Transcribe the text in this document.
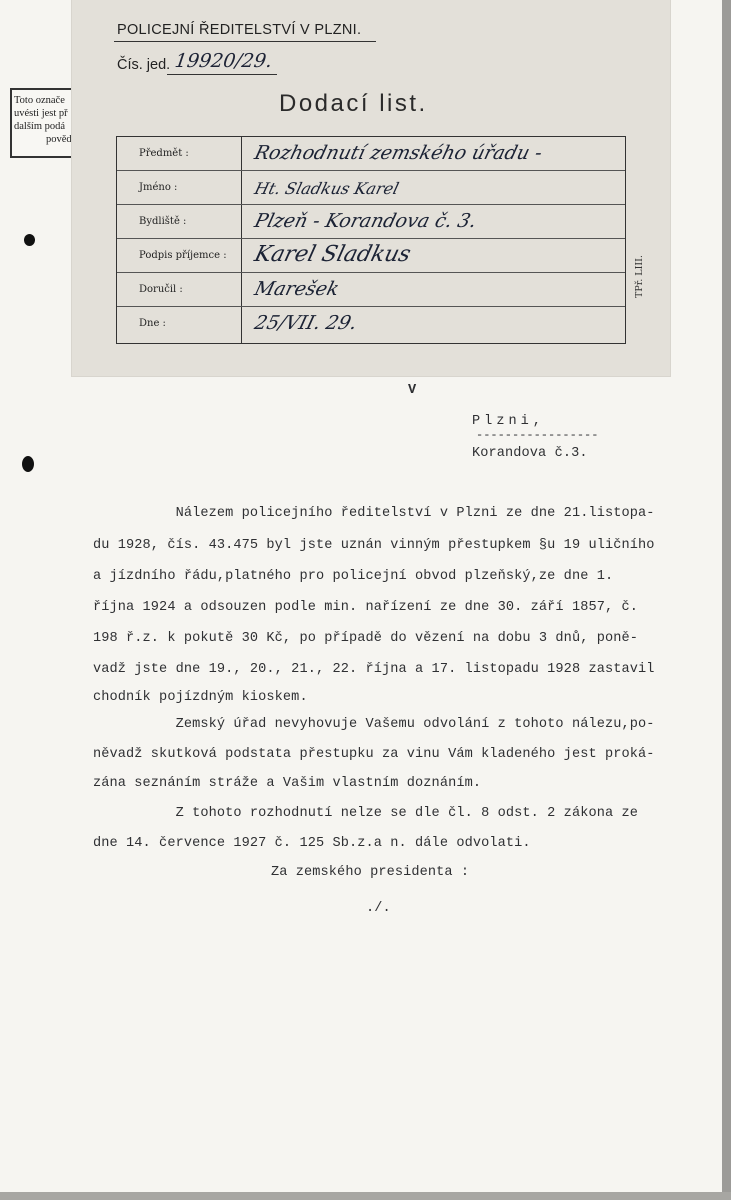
Toto označe
uvésti jest př
dalším podá
pověd
POLICEJNÍ ŘEDITELSTVÍ V PLZNI.
Čís. jed. 19920/29.
Dodací list.
Předmět :	Rozhodnutí zemského úřadu -
Jméno :	Ht. Sladkus Karel
Bydliště :	Plzeň - Korandova č. 3.
Podpis příjemce : Karel Sladkus
Doručil :	Marešek
Dne :	25/VII. 29.
TPř. LIII.
V
Plzni,
-----------------
Korandova č.3.
Nálezem policejního ředitelství v Plzni ze dne 21.listopa-
du 1928, čís. 43.475 byl jste uznán vinným přestupkem §u 19 uličního
a jízdního řádu,platného pro policejní obvod plzeňský,ze dne 1.
října 1924 a odsouzen podle min. nařízení ze dne 30. září 1857, č.
198 ř.z. k pokutě 30 Kč, po případě do vězení na dobu 3 dnů, poně-
vadž jste dne 19., 20., 21., 22. října a 17. listopadu 1928 zastavil
chodník pojízdným kioskem.
Zemský úřad nevyhovuje Vašemu odvolání z tohoto nálezu,po-
něvadž skutková podstata přestupku za vinu Vám kladeného jest proká-
zána seznáním stráže a Vašim vlastním doznáním.
Z tohoto rozhodnutí nelze se dle čl. 8 odst. 2 zákona ze
dne 14. července 1927 č. 125 Sb.z.a n. dále odvolati.
Za zemského presidenta :
./.
